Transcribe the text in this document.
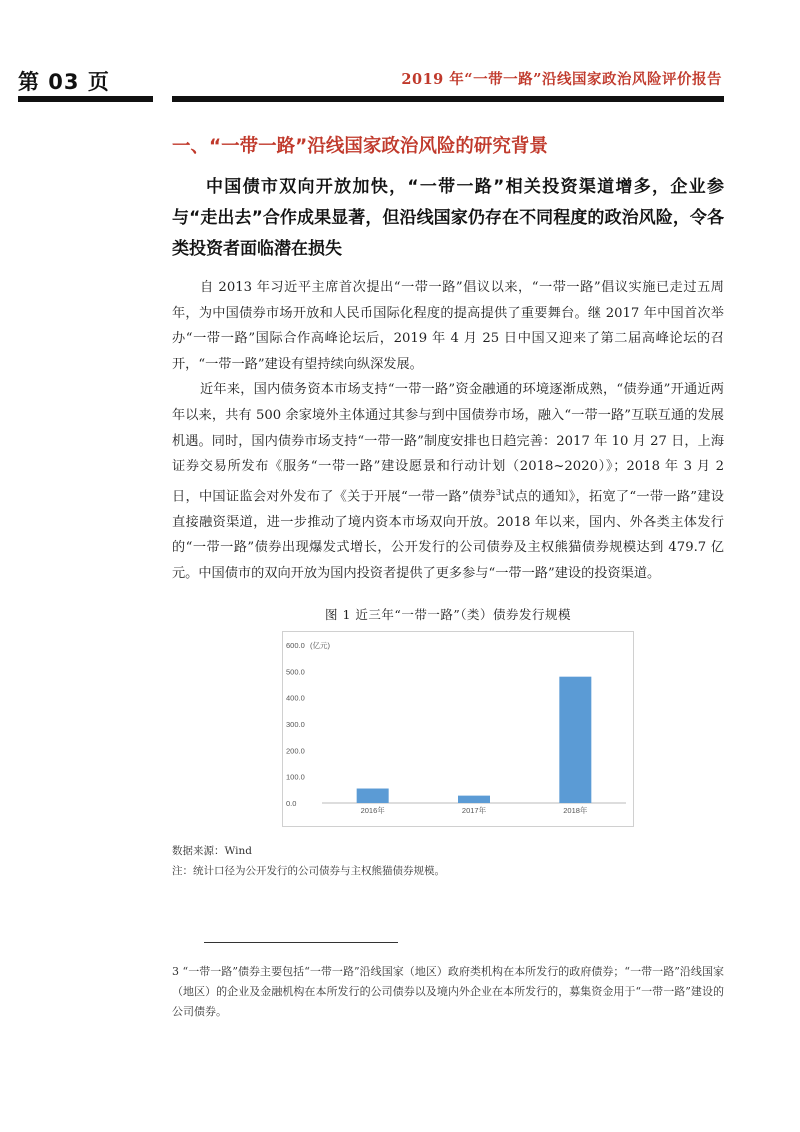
第 03 页	2019 年“一带一路”沿线国家政治风险评价报告
一、“一带一路”沿线国家政治风险的研究背景

中国债市双向开放加快，“一带一路”相关投资渠道增多，企业参与“走出去”合作成果显著，但沿线国家仍存在不同程度的政治风险，令各类投资者面临潜在损失

自 2013 年习近平主席首次提出“一带一路”倡议以来，“一带一路”倡议实施已走过五周年，为中国债券市场开放和人民币国际化程度的提高提供了重要舞台。继 2017 年中国首次举办“一带一路”国际合作高峰论坛后，2019 年 4 月 25 日中国又迎来了第二届高峰论坛的召开，“一带一路”建设有望持续向纵深发展。

近年来，国内债务资本市场支持“一带一路”资金融通的环境逐渐成熟，“债券通”开通近两年以来，共有 500 余家境外主体通过其参与到中国债券市场，融入“一带一路”互联互通的发展机遇。同时，国内债券市场支持“一带一路”制度安排也日趋完善：2017 年 10 月 27 日，上海证券交易所发布《服务“一带一路”建设愿景和行动计划（2018~2020）》；2018 年 3 月 2 日，中国证监会对外发布了《关于开展“一带一路”债券$^3$试点的通知》，拓宽了“一带一路”建设直接融资渠道，进一步推动了境内资本市场双向开放。2018 年以来，国内、外各类主体发行的“一带一路”债券出现爆发式增长，公开发行的公司债券及主权熊猫债券规模达到 479.7 亿元。中国债市的双向开放为国内投资者提供了更多参与“一带一路”建设的投资渠道。

图 1 近三年“一带一路”（类）债券发行规模
0.0
100.0
200.0
300.0
400.0
500.0
600.0 (亿元)
2016年	2017年	2018年

数据来源：Wind

注：统计口径为公开发行的公司债券与主权熊猫债券规模。

3 “一带一路”债券主要包括“一带一路”沿线国家（地区）政府类机构在本所发行的政府债券；“一带一路”沿线国家（地区）的企业及金融机构在本所发行的公司债券以及境内外企业在本所发行的，募集资金用于“一带一路”建设的公司债券。
